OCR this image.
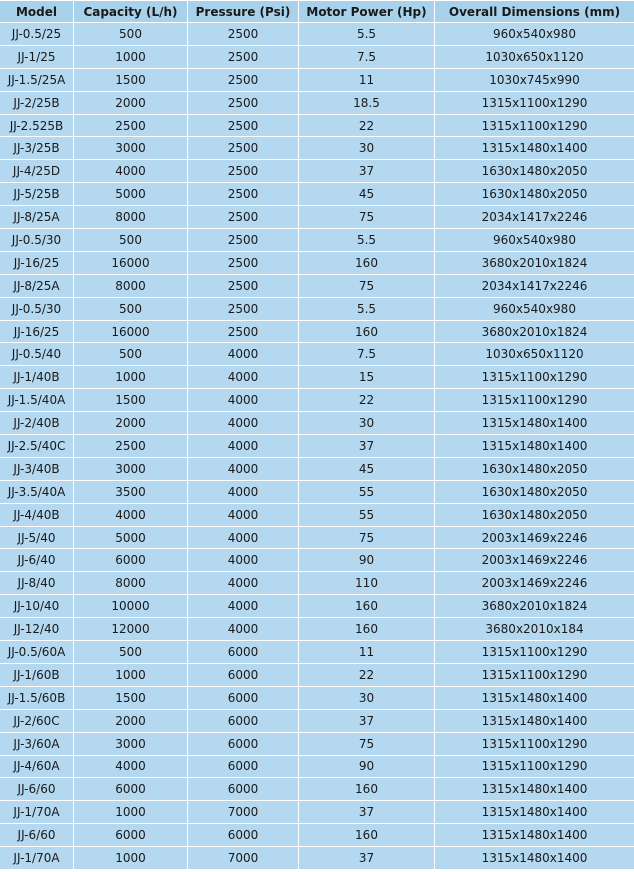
Model	Capacity (L/h)	Pressure (Psi)	Motor Power (Hp)	Overall Dimensions (mm)
JJ-0.5/25	500	2500	5.5	960x540x980
JJ-1/25	1000	2500	7.5	1030x650x1120
JJ-1.5/25A	1500	2500	11	1030x745x990
JJ-2/25B	2000	2500	18.5	1315x1100x1290
JJ-2.525B	2500	2500	22	1315x1100x1290
JJ-3/25B	3000	2500	30	1315x1480x1400
JJ-4/25D	4000	2500	37	1630x1480x2050
JJ-5/25B	5000	2500	45	1630x1480x2050
JJ-8/25A	8000	2500	75	2034x1417x2246
JJ-0.5/30	500	2500	5.5	960x540x980
JJ-16/25	16000	2500	160	3680x2010x1824
JJ-8/25A	8000	2500	75	2034x1417x2246
JJ-0.5/30	500	2500	5.5	960x540x980
JJ-16/25	16000	2500	160	3680x2010x1824
JJ-0.5/40	500	4000	7.5	1030x650x1120
JJ-1/40B	1000	4000	15	1315x1100x1290
JJ-1.5/40A	1500	4000	22	1315x1100x1290
JJ-2/40B	2000	4000	30	1315x1480x1400
JJ-2.5/40C	2500	4000	37	1315x1480x1400
JJ-3/40B	3000	4000	45	1630x1480x2050
JJ-3.5/40A	3500	4000	55	1630x1480x2050
JJ-4/40B	4000	4000	55	1630x1480x2050
JJ-5/40	5000	4000	75	2003x1469x2246
JJ-6/40	6000	4000	90	2003x1469x2246
JJ-8/40	8000	4000	110	2003x1469x2246
JJ-10/40	10000	4000	160	3680x2010x1824
JJ-12/40	12000	4000	160	3680x2010x184
JJ-0.5/60A	500	6000	11	1315x1100x1290
JJ-1/60B	1000	6000	22	1315x1100x1290
JJ-1.5/60B	1500	6000	30	1315x1480x1400
JJ-2/60C	2000	6000	37	1315x1480x1400
JJ-3/60A	3000	6000	75	1315x1100x1290
JJ-4/60A	4000	6000	90	1315x1100x1290
JJ-6/60	6000	6000	160	1315x1480x1400
JJ-1/70A	1000	7000	37	1315x1480x1400
JJ-6/60	6000	6000	160	1315x1480x1400
JJ-1/70A	1000	7000	37	1315x1480x1400
